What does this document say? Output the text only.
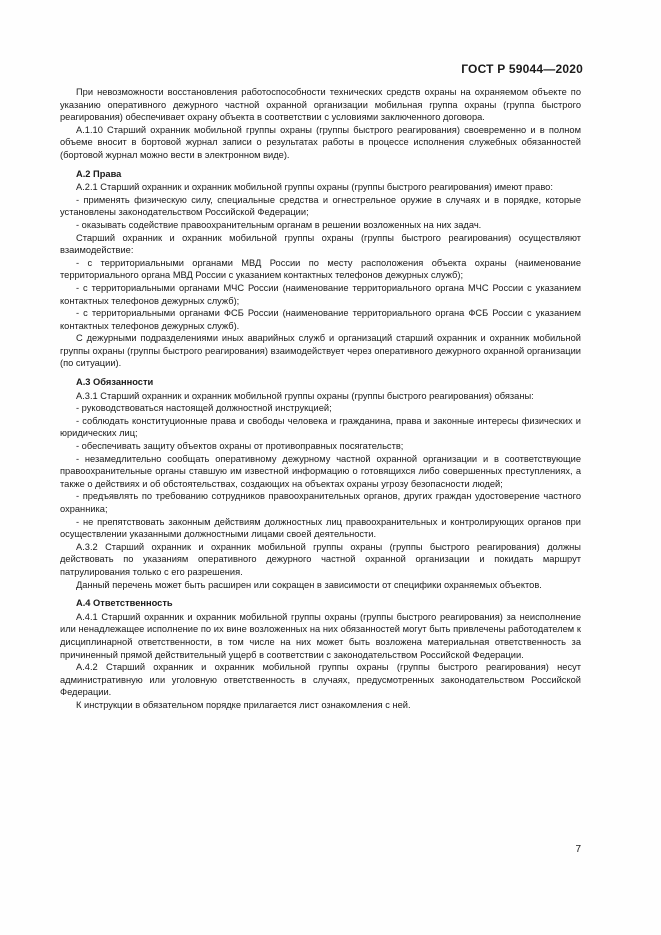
ГОСТ Р 59044—2020

При невозможности восстановления работоспособности технических средств охраны на охраняемом объекте по указанию оперативного дежурного частной охранной организации мобильная группа охраны (группа быстрого реагирования) обеспечивает охрану объекта в соответствии с условиями заключенного договора.

А.1.10 Старший охранник мобильной группы охраны (группы быстрого реагирования) своевременно и в полном объеме вносит в бортовой журнал записи о результатах работы в процессе исполнения служебных обязанностей (бортовой журнал можно вести в электронном виде).

А.2 Права

А.2.1 Старший охранник и охранник мобильной группы охраны (группы быстрого реагирования) имеют право:

- применять физическую силу, специальные средства и огнестрельное оружие в случаях и в порядке, которые установлены законодательством Российской Федерации;

- оказывать содействие правоохранительным органам в решении возложенных на них задач.

Старший охранник и охранник мобильной группы охраны (группы быстрого реагирования) осуществляют взаимодействие:

- с территориальными органами МВД России по месту расположения объекта охраны (наименование территориального органа МВД России с указанием контактных телефонов дежурных служб);

- с территориальными органами МЧС России (наименование территориального органа МЧС России с указанием контактных телефонов дежурных служб);

- с территориальными органами ФСБ России (наименование территориального органа ФСБ России с указанием контактных телефонов дежурных служб).

С дежурными подразделениями иных аварийных служб и организаций старший охранник и охранник мобильной группы охраны (группы быстрого реагирования) взаимодействует через оперативного дежурного охранной организации (по ситуации).

А.3 Обязанности

А.3.1 Старший охранник и охранник мобильной группы охраны (группы быстрого реагирования) обязаны:

- руководствоваться настоящей должностной инструкцией;

- соблюдать конституционные права и свободы человека и гражданина, права и законные интересы физических и юридических лиц;

- обеспечивать защиту объектов охраны от противоправных посягательств;

- незамедлительно сообщать оперативному дежурному частной охранной организации и в соответствующие правоохранительные органы ставшую им известной информацию о готовящихся либо совершенных преступлениях, а также о действиях и об обстоятельствах, создающих на объектах охраны угрозу безопасности людей;

- предъявлять по требованию сотрудников правоохранительных органов, других граждан удостоверение частного охранника;

- не препятствовать законным действиям должностных лиц правоохранительных и контролирующих органов при осуществлении указанными должностными лицами своей деятельности.

А.3.2 Старший охранник и охранник мобильной группы охраны (группы быстрого реагирования) должны действовать по указаниям оперативного дежурного частной охранной организации и покидать маршрут патрулирования только с его разрешения.

Данный перечень может быть расширен или сокращен в зависимости от специфики охраняемых объектов.

А.4 Ответственность

А.4.1 Старший охранник и охранник мобильной группы охраны (группы быстрого реагирования) за неисполнение или ненадлежащее исполнение по их вине возложенных на них обязанностей могут быть привлечены работодателем к дисциплинарной ответственности, в том числе на них может быть возложена материальная ответственность за причиненный прямой действительный ущерб в соответствии с законодательством Российской Федерации.

А.4.2 Старший охранник и охранник мобильной группы охраны (группы быстрого реагирования) несут административную или уголовную ответственность в случаях, предусмотренных законодательством Российской Федерации.

К инструкции в обязательном порядке прилагается лист ознакомления с ней.

7
